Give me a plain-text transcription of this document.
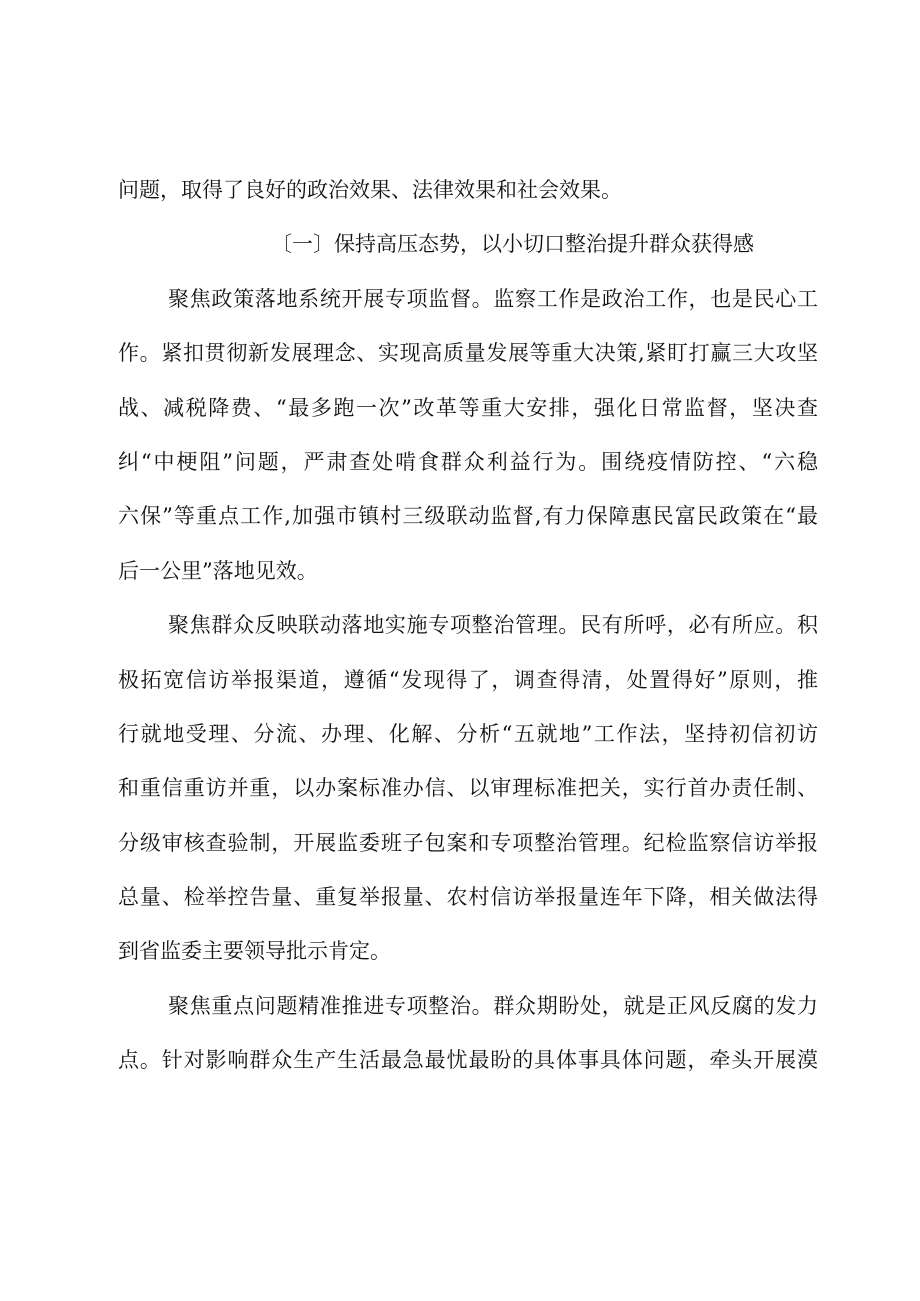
问题，取得了良好的政治效果、法律效果和社会效果。
〔一〕保持高压态势，以小切口整治提升群众获得感
聚焦政策落地系统开展专项监督。监察工作是政治工作，也是民心工
作。紧扣贯彻新发展理念、实现高质量发展等重大决策,紧盯打赢三大攻坚
战、减税降费、“最多跑一次”改革等重大安排，强化日常监督，坚决查
纠“中梗阻”问题，严肃查处啃食群众利益行为。围绕疫情防控、“六稳
六保”等重点工作,加强市镇村三级联动监督,有力保障惠民富民政策在“最
后一公里”落地见效。
聚焦群众反映联动落地实施专项整治管理。民有所呼，必有所应。积
极拓宽信访举报渠道，遵循“发现得了，调查得清，处置得好”原则，推
行就地受理、分流、办理、化解、分析“五就地”工作法，坚持初信初访
和重信重访并重，以办案标准办信、以审理标准把关，实行首办责任制、
分级审核查验制，开展监委班子包案和专项整治管理。纪检监察信访举报
总量、检举控告量、重复举报量、农村信访举报量连年下降，相关做法得
到省监委主要领导批示肯定。
聚焦重点问题精准推进专项整治。群众期盼处，就是正风反腐的发力
点。针对影响群众生产生活最急最忧最盼的具体事具体问题，牵头开展漠
